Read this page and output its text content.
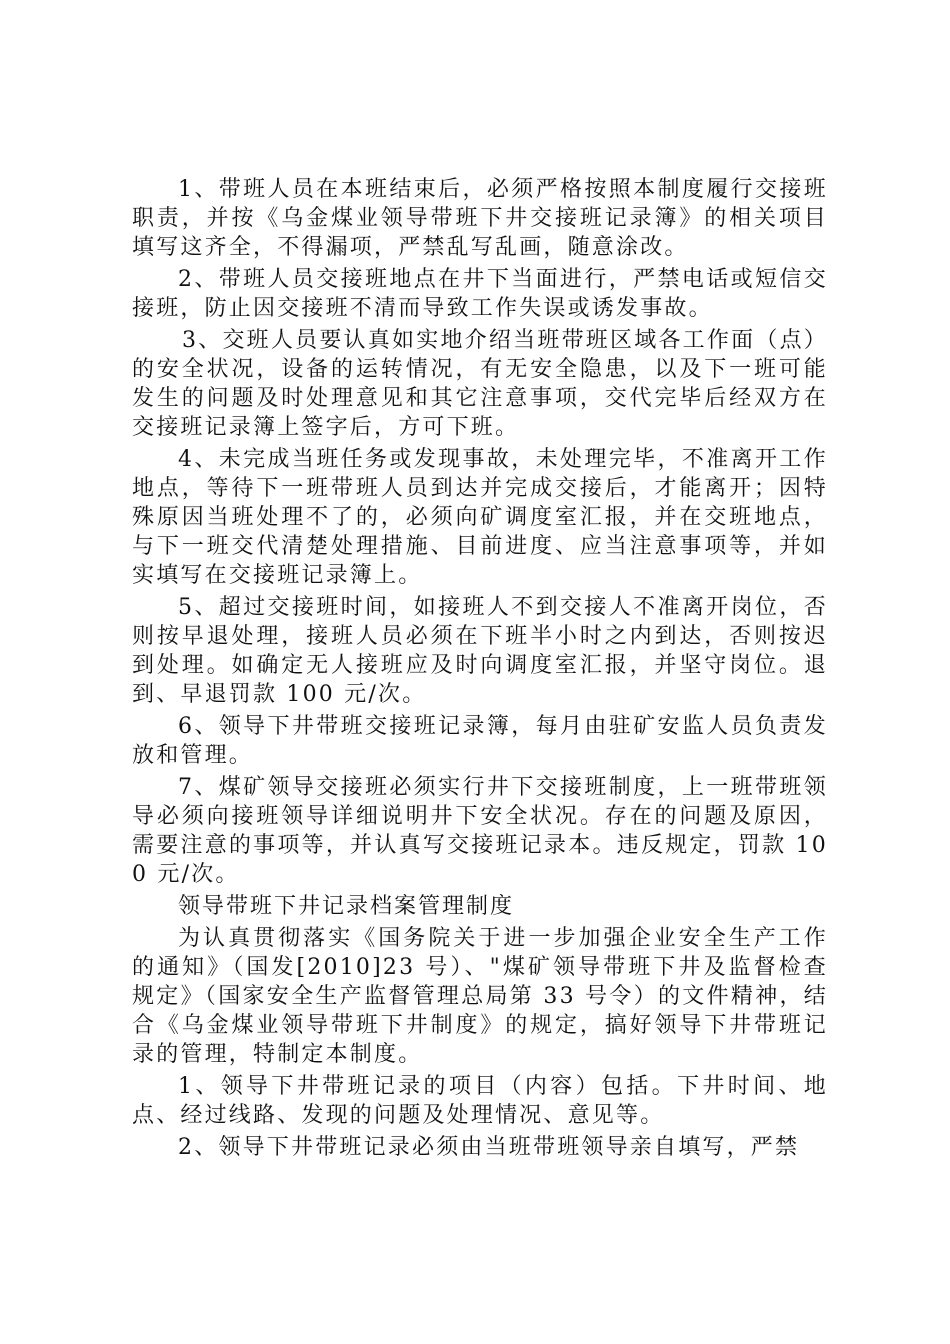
1、带班人员在本班结束后，必须严格按照本制度履行交接班职责，并按《乌金煤业领导带班下井交接班记录簿》的相关项目填写这齐全，不得漏项，严禁乱写乱画，随意涂改。

2、带班人员交接班地点在井下当面进行，严禁电话或短信交接班，防止因交接班不清而导致工作失误或诱发事故。

3、交班人员要认真如实地介绍当班带班区域各工作面（点）的安全状况，设备的运转情况，有无安全隐患，以及下一班可能发生的问题及时处理意见和其它注意事项，交代完毕后经双方在交接班记录簿上签字后，方可下班。

4、未完成当班任务或发现事故，未处理完毕，不准离开工作地点，等待下一班带班人员到达并完成交接后，才能离开；因特殊原因当班处理不了的，必须向矿调度室汇报，并在交班地点，与下一班交代清楚处理措施、目前进度、应当注意事项等，并如实填写在交接班记录簿上。

5、超过交接班时间，如接班人不到交接人不准离开岗位，否则按早退处理，接班人员必须在下班半小时之内到达，否则按迟到处理。如确定无人接班应及时向调度室汇报，并坚守岗位。退到、早退罚款 100 元/次。

6、领导下井带班交接班记录簿，每月由驻矿安监人员负责发放和管理。

7、煤矿领导交接班必须实行井下交接班制度，上一班带班领导必须向接班领导详细说明井下安全状况。存在的问题及原因，需要注意的事项等，并认真写交接班记录本。违反规定，罚款 100 元/次。

领导带班下井记录档案管理制度

为认真贯彻落实《国务院关于进一步加强企业安全生产工作的通知》（国发[2010]23 号）、"煤矿领导带班下井及监督检查规定》（国家安全生产监督管理总局第 33 号令）的文件精神，结合《乌金煤业领导带班下井制度》的规定，搞好领导下井带班记录的管理，特制定本制度。

1、领导下井带班记录的项目（内容）包括。下井时间、地点、经过线路、发现的问题及处理情况、意见等。

2、领导下井带班记录必须由当班带班领导亲自填写，严禁
